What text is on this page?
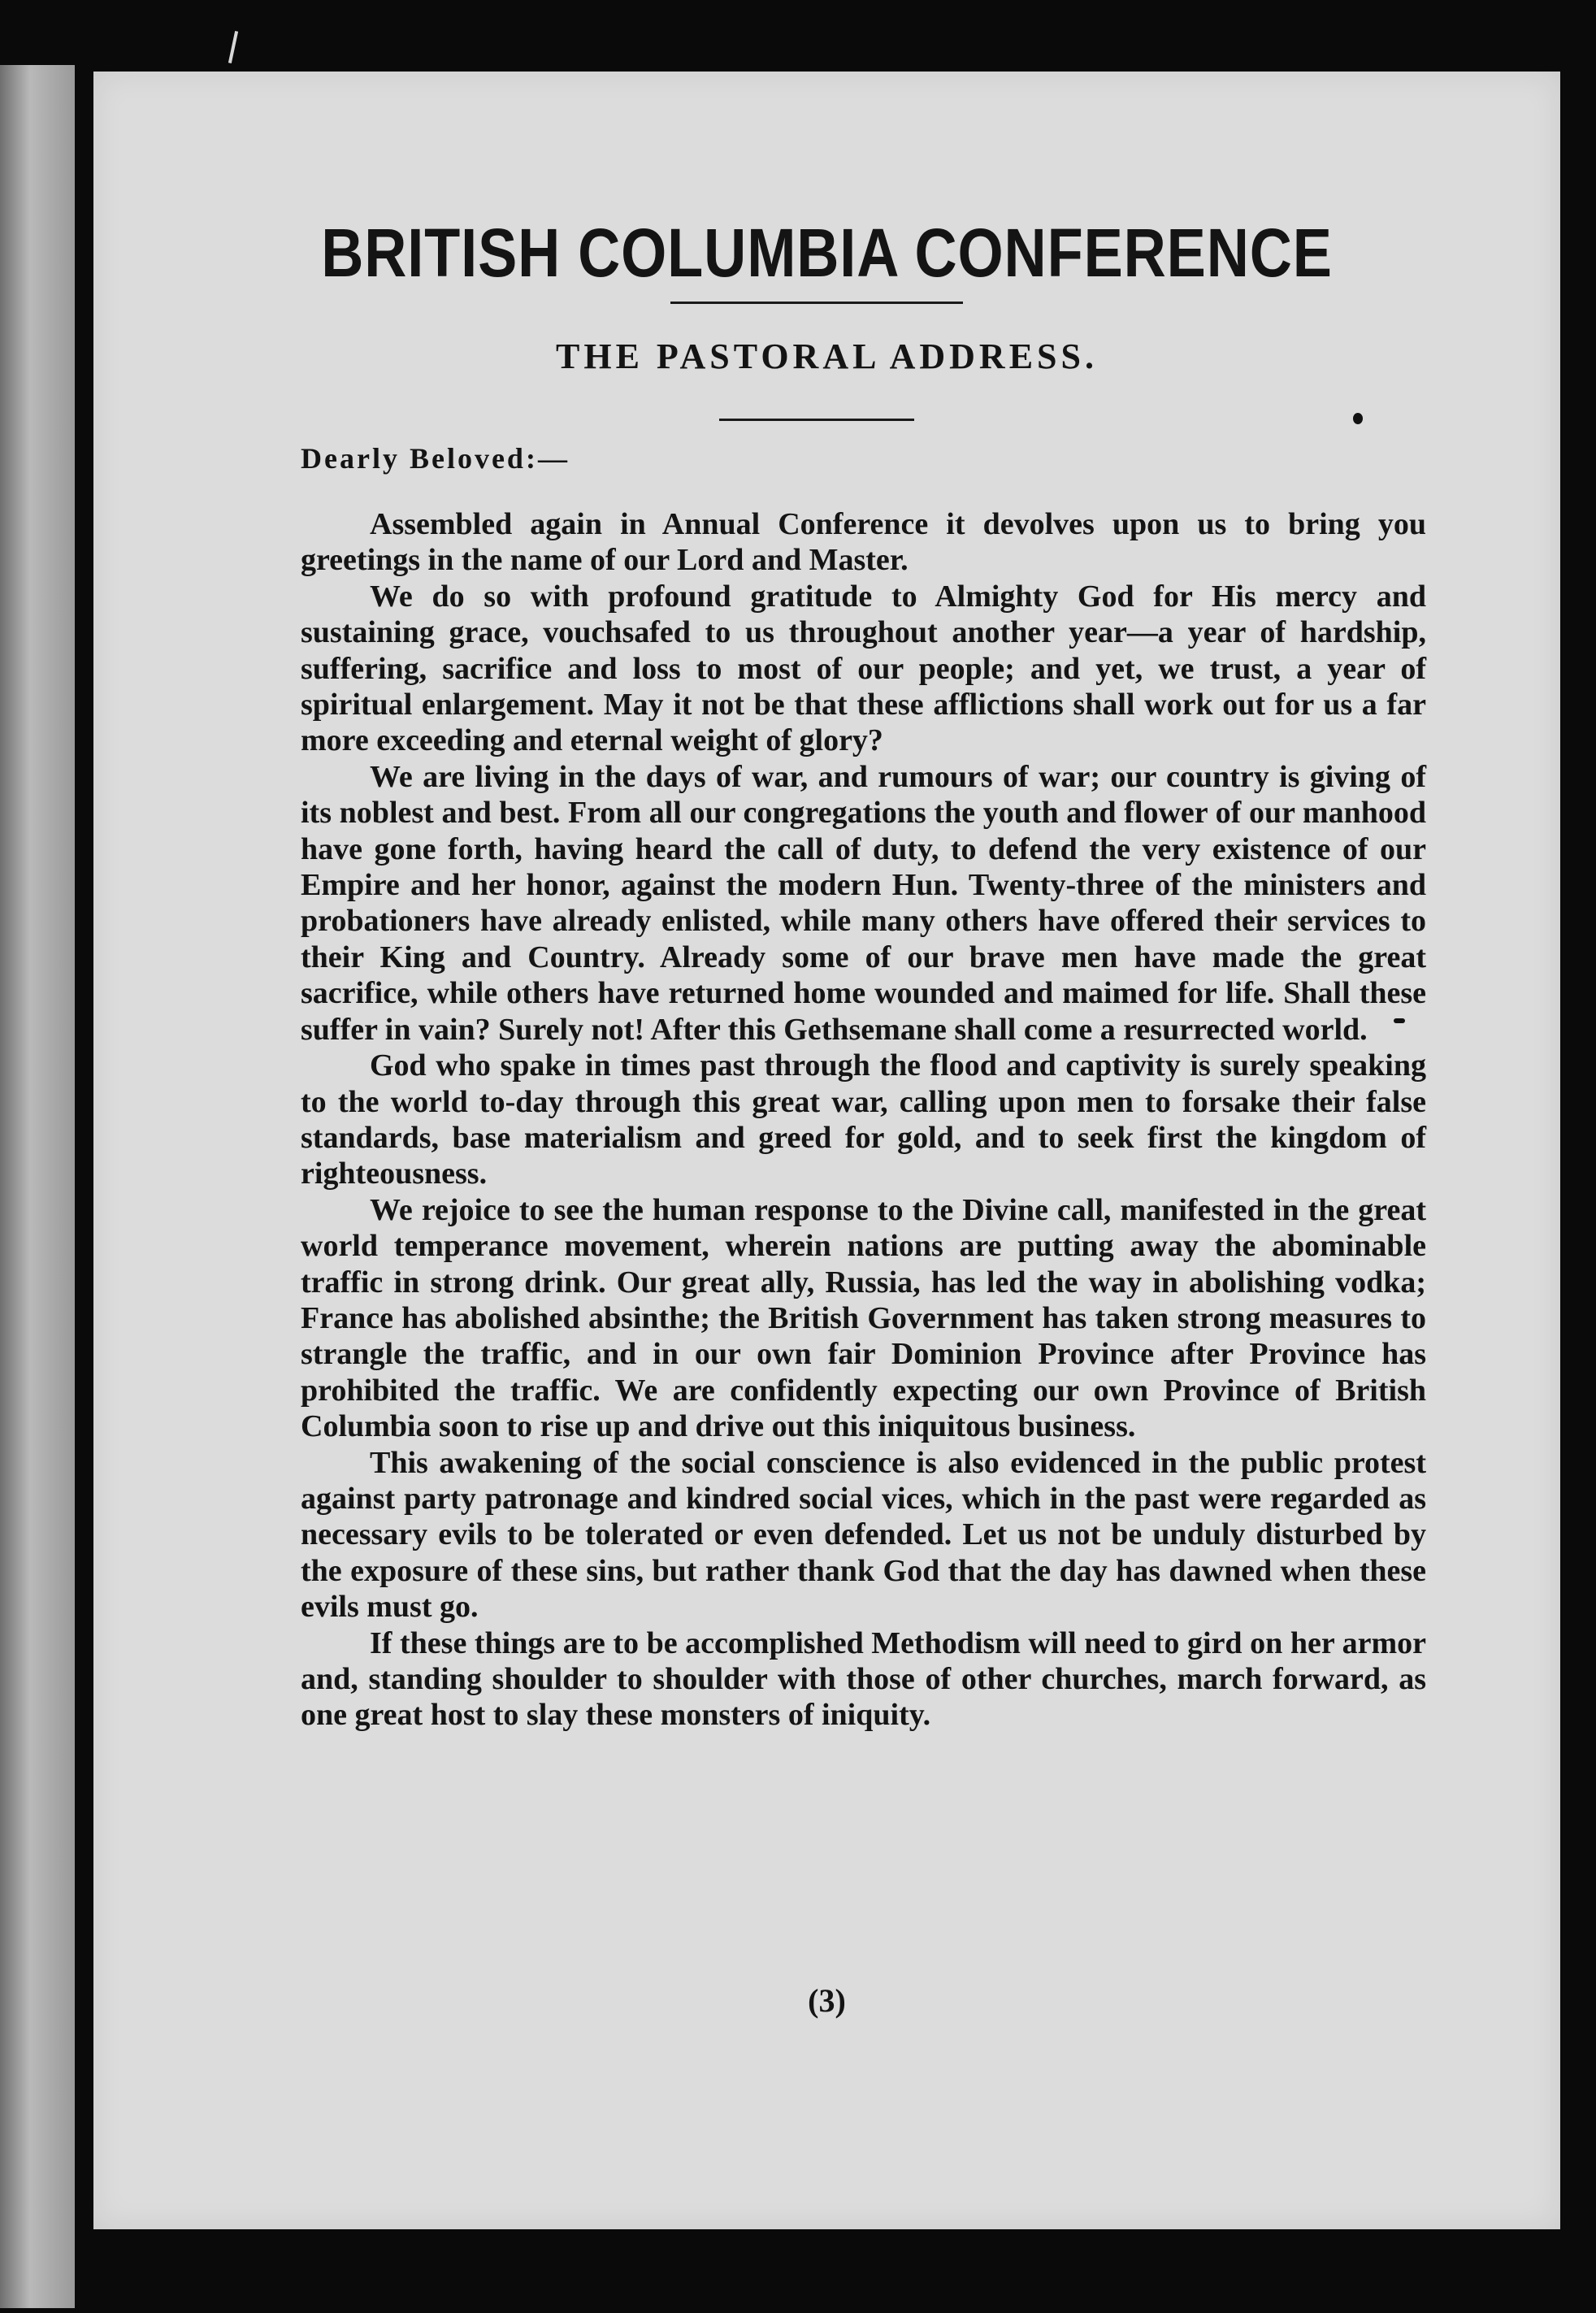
BRITISH COLUMBIA CONFERENCE
THE PASTORAL ADDRESS.
Dearly Beloved:—

Assembled again in Annual Conference it devolves upon us to bring you greetings in the name of our Lord and Master.

We do so with profound gratitude to Almighty God for His mercy and sustaining grace, vouchsafed to us throughout another year—a year of hardship, suffering, sacrifice and loss to most of our people; and yet, we trust, a year of spiritual enlargement. May it not be that these afflictions shall work out for us a far more exceeding and eternal weight of glory?

We are living in the days of war, and rumours of war; our country is giving of its noblest and best. From all our congregations the youth and flower of our manhood have gone forth, having heard the call of duty, to defend the very existence of our Empire and her honor, against the modern Hun. Twenty-three of the ministers and probationers have already enlisted, while many others have offered their services to their King and Country. Already some of our brave men have made the great sacrifice, while others have returned home wounded and maimed for life. Shall these suffer in vain? Surely not! After this Gethsemane shall come a resurrected world.

God who spake in times past through the flood and captivity is surely speaking to the world to-day through this great war, calling upon men to forsake their false standards, base materialism and greed for gold, and to seek first the kingdom of righteousness.

We rejoice to see the human response to the Divine call, manifested in the great world temperance movement, wherein nations are putting away the abominable traffic in strong drink. Our great ally, Russia, has led the way in abolishing vodka; France has abolished absinthe; the British Government has taken strong measures to strangle the traffic, and in our own fair Dominion Province after Province has prohibited the traffic. We are confidently expecting our own Province of British Columbia soon to rise up and drive out this iniquitous business.

This awakening of the social conscience is also evidenced in the public protest against party patronage and kindred social vices, which in the past were regarded as necessary evils to be tolerated or even defended. Let us not be unduly disturbed by the exposure of these sins, but rather thank God that the day has dawned when these evils must go.

If these things are to be accomplished Methodism will need to gird on her armor and, standing shoulder to shoulder with those of other churches, march forward, as one great host to slay these monsters of iniquity.

(3)
